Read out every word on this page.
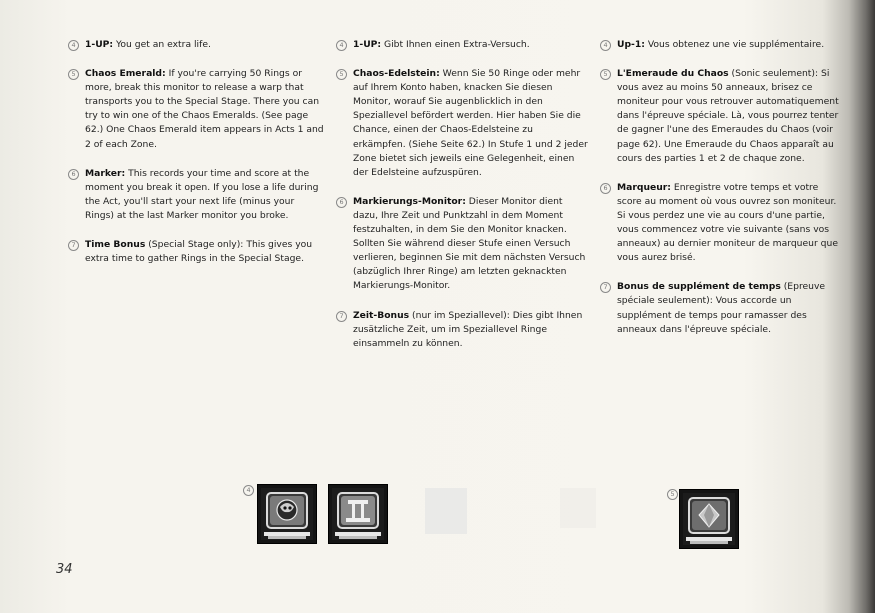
4	1-UP: You get an extra life.
5	Chaos Emerald: If you're carrying 50 Rings or more, break this monitor to release a warp that transports you to the Special Stage. There you can try to win one of the Chaos Emeralds. (See page 62.) One Chaos Emerald item appears in Acts 1 and 2 of each Zone.
6	Marker: This records your time and score at the moment you break it open. If you lose a life during the Act, you'll start your next life (minus your Rings) at the last Marker monitor you broke.
7	Time Bonus (Special Stage only): This gives you extra time to gather Rings in the Special Stage.
4	1-UP: Gibt Ihnen einen Extra-Versuch.
5	Chaos-Edelstein: Wenn Sie 50 Ringe oder mehr auf Ihrem Konto haben, knacken Sie diesen Monitor, worauf Sie augenblicklich in den Speziallevel befördert werden. Hier haben Sie die Chance, einen der Chaos-Edelsteine zu erkämpfen. (Siehe Seite 62.) In Stufe 1 und 2 jeder Zone bietet sich jeweils eine Gelegenheit, einen der Edelsteine aufzuspüren.
6	Markierungs-Monitor: Dieser Monitor dient dazu, Ihre Zeit und Punktzahl in dem Moment festzuhalten, in dem Sie den Monitor knacken. Sollten Sie während dieser Stufe einen Versuch verlieren, beginnen Sie mit dem nächsten Versuch (abzüglich Ihrer Ringe) am letzten geknackten Markierungs-Monitor.
7	Zeit-Bonus (nur im Speziallevel): Dies gibt Ihnen zusätzliche Zeit, um im Speziallevel Ringe einsammeln zu können.
4	Up-1: Vous obtenez une vie supplémentaire.
5	L'Emeraude du Chaos (Sonic seulement): Si vous avez au moins 50 anneaux, brisez ce moniteur pour vous retrouver automatiquement dans l'épreuve spéciale. Là, vous pourrez tenter de gagner l'une des Emeraudes du Chaos (voir page 62). Une Emeraude du Chaos apparaît au cours des parties 1 et 2 de chaque zone.
6	Marqueur: Enregistre votre temps et votre score au moment où vous ouvrez son moniteur. Si vous perdez une vie au cours d'une partie, vous commencez votre vie suivante (sans vos anneaux) au dernier moniteur de marqueur que vous aurez brisé.
7	Bonus de supplément de temps (Epreuve spéciale seulement): Vous accorde un supplément de temps pour ramasser des anneaux dans l'épreuve spéciale.
4	5
34
